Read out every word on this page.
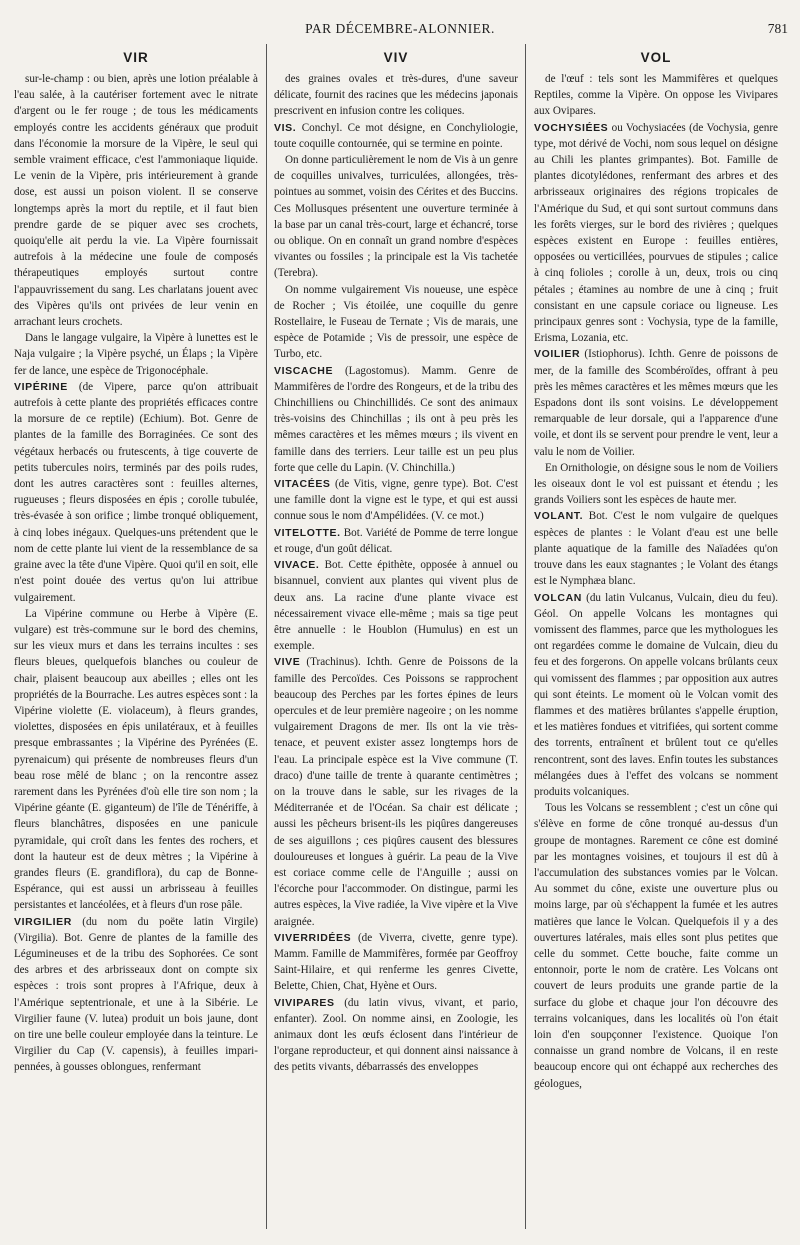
PAR DÉCEMBRE-ALONNIER.	781
VIR

sur-le-champ : ou bien, après une lotion préalable à l'eau salée, à la cautériser fortement avec le nitrate d'argent ou le fer rouge ; de tous les médicaments employés contre les accidents généraux que produit dans l'économie la morsure de la Vipère, le seul qui semble vraiment efficace, c'est l'ammoniaque liquide. Le venin de la Vipère, pris intérieurement à grande dose, est aussi un poison violent. Il se conserve longtemps après la mort du reptile, et il faut bien prendre garde de se piquer avec ses crochets, quoiqu'elle ait perdu la vie. La Vipère fournissait autrefois à la médecine une foule de composés thérapeutiques employés surtout contre l'appauvrissement du sang. Les charlatans jouent avec des Vipères qu'ils ont privées de leur venin en arrachant leurs crochets.

Dans le langage vulgaire, la Vipère à lunettes est le Naja vulgaire ; la Vipère psyché, un Élaps ; la Vipère fer de lance, une espèce de Trigonocéphale.

VIPÉRINE (de Vipere, parce qu'on attribuait autrefois à cette plante des propriétés efficaces contre la morsure de ce reptile) (Echium). Bot. Genre de plantes de la famille des Borraginées. Ce sont des végétaux herbacés ou frutescents, à tige couverte de petits tubercules noirs, terminés par des poils rudes, dont les autres caractères sont : feuilles alternes, rugueuses ; fleurs disposées en épis ; corolle tubulée, très-évasée à son orifice ; limbe tronqué obliquement, à cinq lobes inégaux. Quelques-uns prétendent que le nom de cette plante lui vient de la ressemblance de sa graine avec la tête d'une Vipère. Quoi qu'il en soit, elle n'est point douée des vertus qu'on lui attribue vulgairement.

La Vipérine commune ou Herbe à Vipère (E. vulgare) est très-commune sur le bord des chemins, sur les vieux murs et dans les terrains incultes : ses fleurs bleues, quelquefois blanches ou couleur de chair, plaisent beaucoup aux abeilles ; elles ont les propriétés de la Bourrache. Les autres espèces sont : la Vipérine violette (E. violaceum), à fleurs grandes, violettes, disposées en épis unilatéraux, et à feuilles presque embrassantes ; la Vipérine des Pyrénées (E. pyrenaicum) qui présente de nombreuses fleurs d'un beau rose mêlé de blanc ; on la rencontre assez rarement dans les Pyrénées d'où elle tire son nom ; la Vipérine géante (E. giganteum) de l'île de Ténériffe, à fleurs blanchâtres, disposées en une panicule pyramidale, qui croît dans les fentes des rochers, et dont la hauteur est de deux mètres ; la Vipérine à grandes fleurs (E. grandiflora), du cap de Bonne-Espérance, qui est aussi un arbrisseau à feuilles persistantes et lancéolées, et à fleurs d'un rose pâle.

VIRGILIER (du nom du poëte latin Virgile) (Virgilia). Bot. Genre de plantes de la famille des Légumineuses et de la tribu des Sophorées. Ce sont des arbres et des arbrisseaux dont on compte six espèces : trois sont propres à l'Afrique, deux à l'Amérique septentrionale, et une à la Sibérie. Le Virgilier faune (V. lutea) produit un bois jaune, dont on tire une belle couleur employée dans la teinture. Le Virgilier du Cap (V. capensis), à feuilles impari-pennées, à gousses oblongues, renfermant

VIV

des graines ovales et très-dures, d'une saveur délicate, fournit des racines que les médecins japonais prescrivent en infusion contre les coliques.

VIS. Conchyl. Ce mot désigne, en Conchyliologie, toute coquille contournée, qui se termine en pointe.

On donne particulièrement le nom de Vis à un genre de coquilles univalves, turriculées, allongées, très-pointues au sommet, voisin des Cérites et des Buccins. Ces Mollusques présentent une ouverture terminée à la base par un canal très-court, large et échancré, torse ou oblique. On en connaît un grand nombre d'espèces vivantes ou fossiles ; la principale est la Vis tachetée (Terebra).

On nomme vulgairement Vis noueuse, une espèce de Rocher ; Vis étoilée, une coquille du genre Rostellaire, le Fuseau de Ternate ; Vis de marais, une espèce de Potamide ; Vis de pressoir, une espèce de Turbo, etc.

VISCACHE (Lagostomus). Mamm. Genre de Mammifères de l'ordre des Rongeurs, et de la tribu des Chinchilliens ou Chinchillidés. Ce sont des animaux très-voisins des Chinchillas ; ils ont à peu près les mêmes caractères et les mêmes mœurs ; ils vivent en famille dans des terriers. Leur taille est un peu plus forte que celle du Lapin. (V. Chinchilla.)

VITACÉES (de Vitis, vigne, genre type). Bot. C'est une famille dont la vigne est le type, et qui est aussi connue sous le nom d'Ampélidées. (V. ce mot.)

VITELOTTE. Bot. Variété de Pomme de terre longue et rouge, d'un goût délicat.

VIVACE. Bot. Cette épithète, opposée à annuel ou bisannuel, convient aux plantes qui vivent plus de deux ans. La racine d'une plante vivace est nécessairement vivace elle-même ; mais sa tige peut être annuelle : le Houblon (Humulus) en est un exemple.

VIVE (Trachinus). Ichth. Genre de Poissons de la famille des Percoïdes. Ces Poissons se rapprochent beaucoup des Perches par les fortes épines de leurs opercules et de leur première nageoire ; on les nomme vulgairement Dragons de mer. Ils ont la vie très-tenace, et peuvent exister assez longtemps hors de l'eau. La principale espèce est la Vive commune (T. draco) d'une taille de trente à quarante centimètres ; on la trouve dans le sable, sur les rivages de la Méditerranée et de l'Océan. Sa chair est délicate ; aussi les pêcheurs brisent-ils les piqûres dangereuses de ses aiguillons ; ces piqûres causent des blessures douloureuses et longues à guérir. La peau de la Vive est coriace comme celle de l'Anguille ; aussi on l'écorche pour l'accommoder. On distingue, parmi les autres espèces, la Vive radiée, la Vive vipère et la Vive araignée.

VIVERRIDÉES (de Viverra, civette, genre type). Mamm. Famille de Mammifères, formée par Geoffroy Saint-Hilaire, et qui renferme les genres Civette, Belette, Chien, Chat, Hyène et Ours.

VIVIPARES (du latin vivus, vivant, et pario, enfanter). Zool. On nomme ainsi, en Zoologie, les animaux dont les œufs éclosent dans l'intérieur de l'organe reproducteur, et qui donnent ainsi naissance à des petits vivants, débarrassés des enveloppes

VOL

de l'œuf : tels sont les Mammifères et quelques Reptiles, comme la Vipère. On oppose les Vivipares aux Ovipares.

VOCHYSIÉES ou Vochysiacées (de Vochysia, genre type, mot dérivé de Vochi, nom sous lequel on désigne au Chili les plantes grimpantes). Bot. Famille de plantes dicotylédones, renfermant des arbres et des arbrisseaux originaires des régions tropicales de l'Amérique du Sud, et qui sont surtout communs dans les forêts vierges, sur le bord des rivières ; quelques espèces existent en Europe : feuilles entières, opposées ou verticillées, pourvues de stipules ; calice à cinq folioles ; corolle à un, deux, trois ou cinq pétales ; étamines au nombre de une à cinq ; fruit consistant en une capsule coriace ou ligneuse. Les principaux genres sont : Vochysia, type de la famille, Erisma, Lozania, etc.

VOILIER (Istiophorus). Ichth. Genre de poissons de mer, de la famille des Scombéroïdes, offrant à peu près les mêmes caractères et les mêmes mœurs que les Espadons dont ils sont voisins. Le développement remarquable de leur dorsale, qui a l'apparence d'une voile, et dont ils se servent pour prendre le vent, leur a valu le nom de Voilier.

En Ornithologie, on désigne sous le nom de Voiliers les oiseaux dont le vol est puissant et étendu ; les grands Voiliers sont les espèces de haute mer.

VOLANT. Bot. C'est le nom vulgaire de quelques espèces de plantes : le Volant d'eau est une belle plante aquatique de la famille des Naïadées qu'on trouve dans les eaux stagnantes ; le Volant des étangs est le Nymphæa blanc.

VOLCAN (du latin Vulcanus, Vulcain, dieu du feu). Géol. On appelle Volcans les montagnes qui vomissent des flammes, parce que les mythologues les ont regardées comme le domaine de Vulcain, dieu du feu et des forgerons. On appelle volcans brûlants ceux qui vomissent des flammes ; par opposition aux autres qui sont éteints. Le moment où le Volcan vomit des flammes et des matières brûlantes s'appelle éruption, et les matières fondues et vitrifiées, qui sortent comme des torrents, entraînent et brûlent tout ce qu'elles rencontrent, sont des laves. Enfin toutes les substances mélangées dues à l'effet des volcans se nomment produits volcaniques.

Tous les Volcans se ressemblent ; c'est un cône qui s'élève en forme de cône tronqué au-dessus d'un groupe de montagnes. Rarement ce cône est dominé par les montagnes voisines, et toujours il est dû à l'accumulation des substances vomies par le Volcan. Au sommet du cône, existe une ouverture plus ou moins large, par où s'échappent la fumée et les autres matières que lance le Volcan. Quelquefois il y a des ouvertures latérales, mais elles sont plus petites que celle du sommet. Cette bouche, faite comme un entonnoir, porte le nom de cratère. Les Volcans ont couvert de leurs produits une grande partie de la surface du globe et chaque jour l'on découvre des terrains volcaniques, dans les localités où l'on était loin d'en soupçonner l'existence. Quoique l'on connaisse un grand nombre de Volcans, il en reste beaucoup encore qui ont échappé aux recherches des géologues,
